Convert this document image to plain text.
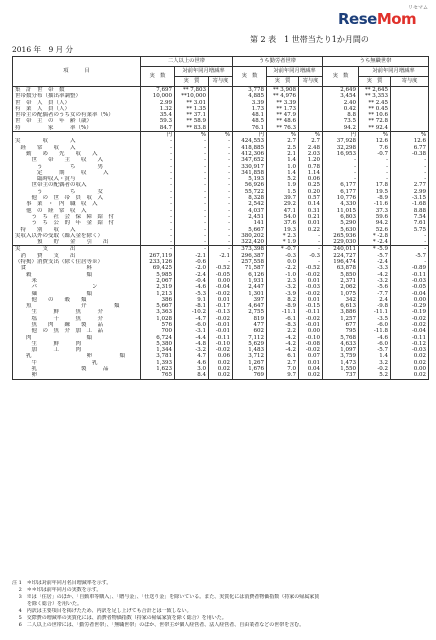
第 2 表　1 世帯当たり1か月間の
2016 年　9 月 分
リセマム
ReseMom
項　　　目	二人以上の世帯			うち勤労者世帯			うち無職世帯		
	実　数	対前年同月増減率		実　数	対前年同月増減率		実　数	対前年同月増減率	
		実　質	寄与度		実　質	寄与度		実　質	寄与度
集　計　世　帯　数	7,697	** 7,803		3,778	** 3,908		2,649	** 2,645	
世帯数分布（抽出率調整）	10,000	**10,000		4,885	** 4,976		3,454	** 3,353	
世　帯　人　員（人）	2.99	** 3.01		3.39	** 3.39		2.40	** 2.45	
有　業　人　員（人）	1.32	** 1.35		1.73	** 1.73		0.42	** 0.45	
世帯主の配偶者のうち女の有業率（%）	35.4	** 37.1		48.1	** 47.9		8.8	** 10.6	
世　帯　主　の　年　齢（歳）	59.3	** 58.9		48.5	** 48.6		73.5	** 72.8	
持　　　　　家　　　率（%）	84.7	** 83.8		76.1	** 76.3		94.2	** 92.4	
	円	%	%	円	%	%	円	%	%
実　　　　収　　　　入	-	-	-	424,553	2.7	2.7	37,928	12.6	12.6

　経　　常　　収　　入	-	-	-	418,885	2.5	2.48	32,298	7.6	6.77

　　勤　　め　　先　　収　　入	-	-	-	412,306	2.1	2.03	16,953	-0.7	-0.38
　　　世　　帯　　主　　収　　入	-	-	-	347,652	1.4	1.20	-	-	-
　　　　う　　　　　ち　　　　男	-	-	-	330,917	1.0	0.78	-	-	-
　　　　定　　　期　　　収　　　入	-	-	-	341,858	1.4	1.14	-	-	-
　　　　臨時収入・賞与	-	-	-	5,193	5.2	0.06	-	-	-

　　　世帯主の配偶者の収入	-	-	-	56,926	1.9	0.25	6,177	17.8	2.77
　　　　う　　　　　ち　　　　女	-	-	-	55,722	1.5	0.20	6,177	19.5	2.99
　　　他　の　世　帯　員　収　入	-	-	-	8,328	39.7	0.57	10,776	-8.9	-3.15

　　事　業　・　内　職　収　入	-	-	-	2,542	29.2	0.14	4,330	-11.6	-1.68
　　他　の　経　常　収　入	-	-	-	4,037	47.1	0.31	11,015	37.3	8.88
　　　う　ち　社　会　保　障　給　付	-	-	-	2,451	54.0	0.21	6,803	59.6	7.54
　　　う　ち　公　的　年　金　給　付	-	-	-	141	37.6	0.01	5,290	94.2	7.61

　特　　別　　収　　入	-	-	-	5,667	19.3	0.22	5,630	52.6	5.75

実収入以外の受取（繰入金を除く）	-	-	-	380,202	* 2.3	-	265,936	* -2.8	-

　　　　預　　貯　　金　　引　　出	-	-	-	322,420	* 1.9	-	229,030	* -2.4	-

実　　　　支　　　　出	-	-	-	373,398	* -0.7	-	240,011	* -5.9	-

　消　　費　　支　　出	267,119	-2.1	-2.1	296,387	-0.3	-0.3	224,727	-5.7	-5.7

（特掲）消費支出（除く住居等※）	233,126	-0.6	-	257,558	0.0	-	196,474	-2.4	-

　食　　　　　　　　　　　料	69,425	-2.0	-0.52	71,587	-2.2	-0.52	63,878	-3.3	-0.89

　　穀　　　　　　　　　　類	5,985	-2.4	-0.05	6,126	-1.0	-0.02	5,850	-4.2	-0.11
　　　米	2,067	-0.4	0.00	1,931	2.3	0.01	2,371	-3.2	-0.03
　　　パ　　　　　　　　　　ン	2,319	-4.6	-0.04	2,447	-3.2	-0.03	2,062	-5.6	-0.05
　　　麺　　　　　　　　　類	1,213	-5.3	-0.02	1,301	-3.9	-0.02	1,075	-7.7	-0.04
　　　他　　の　　穀　　類	386	9.1	0.01	397	8.2	0.01	342	2.4	0.00

　　魚　　　　　　　　　介　　　　　類	5,667	-8.1	-0.17	4,647	-8.9	-0.15	6,613	-9.8	-0.29
　　　生　　　鮮　　　魚　　　介	3,363	-10.2	-0.13	2,755	-11.1	-0.11	3,886	-11.1	-0.19
　　　塩　　　干　　　魚　　　介	1,028	-4.7	-0.02	819	-6.1	-0.02	1,257	-3.5	-0.02
　　　魚　　肉　　練　　製　　品	576	-6.0	-0.01	477	-8.3	-0.01	677	-6.0	-0.02
　　　他　の　魚　介　加　工　品	700	-3.1	-0.01	602	2.2	0.00	795	-11.8	-0.04

　　肉　　　　　　　　　　類	6,724	-4.4	-0.11	7,112	-4.2	-0.10	5,768	-4.6	-0.11
　　　生　　　鮮　　　肉	5,380	-4.8	-0.10	5,629	-4.2	-0.08	4,633	-6.0	-0.12
　　　加　　　工　　　肉	1,344	-3.2	-0.02	1,483	-4.2	-0.02	1,097	-5.7	-0.03

　　乳　　　　　　　　　　卵　　　　　類	3,781	4.7	0.06	3,712	6.1	0.07	3,759	1.4	0.02
　　　牛　　　　　　　　　　乳	1,393	4.6	0.02	1,267	2.7	0.01	1,473	3.2	0.02
　　　乳　　　　　　　　製　　　品	1,623	3.0	0.02	1,676	7.0	0.04	1,550	-0.2	0.00
　　　卵	765	8.4	0.02	769	9.7	0.02	737	5.2	0.02
注 1　＊印は対前年同月名目増減率を示す。
　 2　＊＊印は前年同月の実数を示す。
　 3　※は「住居」のほか、「自動車等購入」、「贈与金」、「仕送り金」を除いている。また、実質化には消費者物価指数（持家の帰属家賃
　　　を除く総合）を用いた。
　 4　内訳は主要項目を掲げたため、内訳を足し上げても合計とは一致しない。
　 5　交際費の増減率の実質化には、消費者物価指数（持家の帰属家賃を除く総合）を用いた。
　 6　二人以上の世帯には、「勤労者世帯」、「無職世帯」のほか、世帯主が個人経営者、法人経営者、自由業者などの世帯を含む。
